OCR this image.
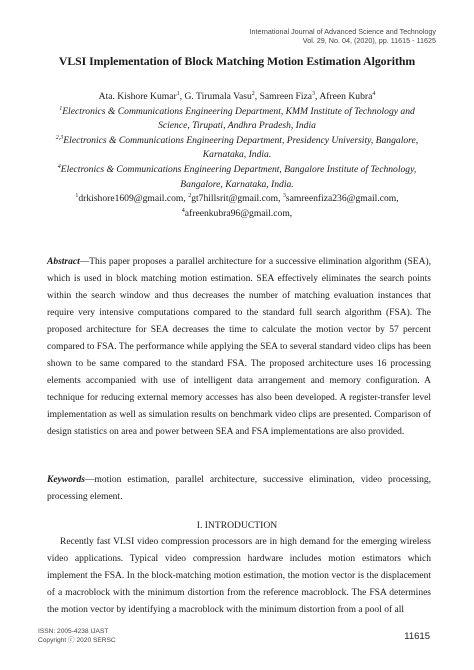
International Journal of Advanced Science and Technology
Vol. 29, No. 04, (2020), pp. 11615 - 11625
VLSI Implementation of Block Matching Motion Estimation Algorithm

Ata. Kishore Kumar$^1$, G. Tirumala Vasu$^2$, Samreen Fiza$^3$, Afreen Kubra$^4$

$^1$Electronics & Communications Engineering Department, KMM Institute of Technology and

Science, Tirupati, Andhra Pradesh, India

$^{2,3}$Electronics & Communications Engineering Department, Presidency University, Bangalore,

Karnataka, India.

$^4$Electronics & Communications Engineering Department, Bangalore Institute of Technology,

Bangalore, Karnataka, India.

$^1$drkishore1609@gmail.com, $^2$gt7hillsrit@gmail.com, $^3$samreenfiza236@gmail.com,

$^4$afreenkubra96@gmail.com,

Abstract—This paper proposes a parallel architecture for a successive elimination algorithm (SEA), which is used in block matching motion estimation. SEA effectively eliminates the search points within the search window and thus decreases the number of matching evaluation instances that require very intensive computations compared to the standard full search algorithm (FSA). The proposed architecture for SEA decreases the time to calculate the motion vector by 57 percent compared to FSA. The performance while applying the SEA to several standard video clips has been shown to be same compared to the standard FSA. The proposed architecture uses 16 processing elements accompanied with use of intelligent data arrangement and memory configuration. A technique for reducing external memory accesses has also been developed. A register-transfer level implementation as well as simulation results on benchmark video clips are presented. Comparison of design statistics on area and power between SEA and FSA implementations are also provided.

Keywords—motion estimation, parallel architecture, successive elimination, video processing, processing element.

I. INTRODUCTION

Recently fast VLSI video compression processors are in high demand for the emerging wireless video applications. Typical video compression hardware includes motion estimators which implement the FSA. In the block-matching motion estimation, the motion vector is the displacement of a macroblock with the minimum distortion from the reference macroblock. The FSA determines the motion vector by identifying a macroblock with the minimum distortion from a pool of all

ISSN: 2005-4238 IJAST
Copyright ⓒ 2020 SERSC	11615
